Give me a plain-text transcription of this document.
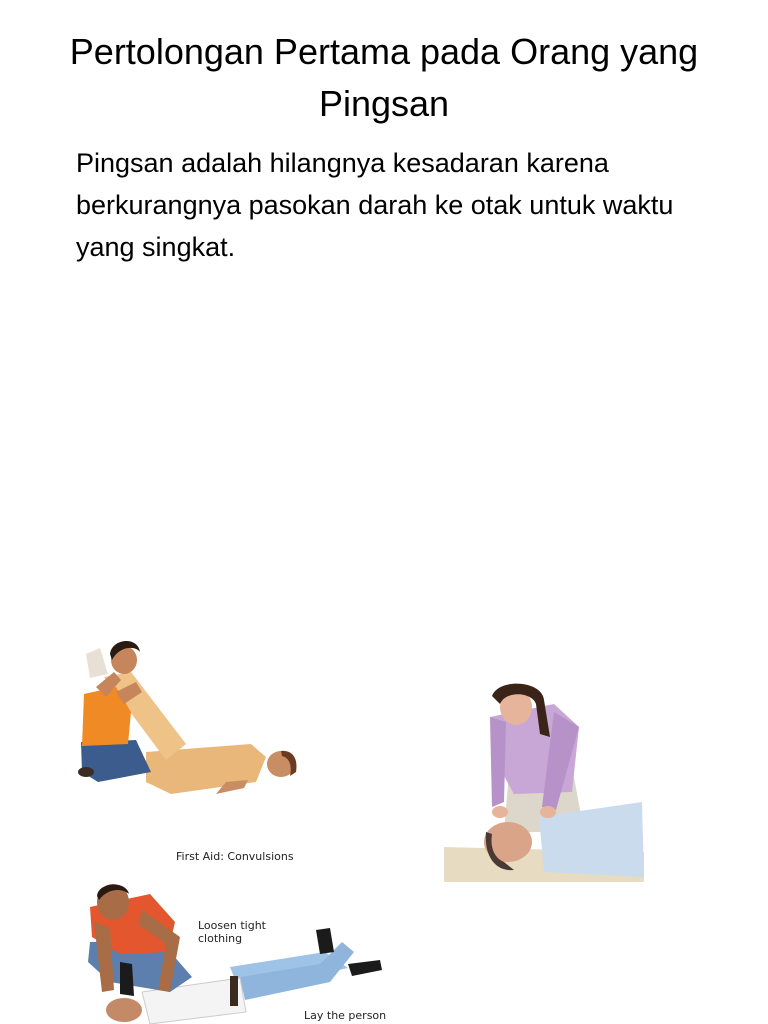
Pertolongan Pertama pada Orang yang Pingsan

Pingsan adalah hilangnya kesadaran karena berkurangnya pasokan darah ke otak untuk waktu yang singkat.

First Aid: Convulsions
Loosen tight
clothing
Lay the person
